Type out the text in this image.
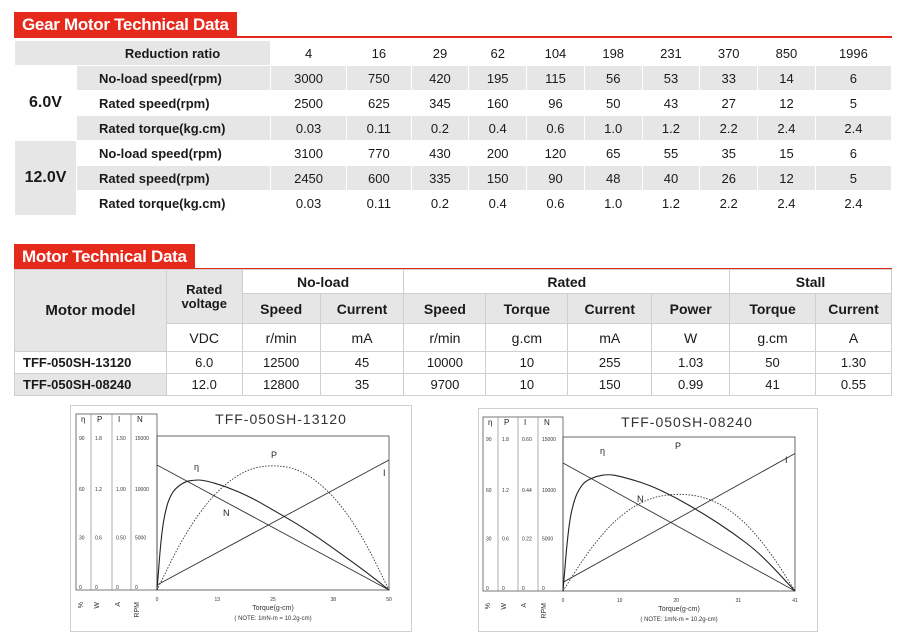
Gear Motor Technical Data
Reduction ratio		4	16	29	62	104	198	231	370	850	1996
6.0V	No-load speed(rpm)	3000	750	420	195	115	56	53	33	14	6
	Rated speed(rpm)	2500	625	345	160	96	50	43	27	12	5
	Rated torque(kg.cm)	0.03	0.11	0.2	0.4	0.6	1.0	1.2	2.2	2.4	2.4
12.0V	No-load speed(rpm)	3100	770	430	200	120	65	55	35	15	6
	Rated speed(rpm)	2450	600	335	150	90	48	40	26	12	5
	Rated torque(kg.cm)	0.03	0.11	0.2	0.4	0.6	1.0	1.2	2.2	2.4	2.4
Motor Technical Data
Motor model	Rated voltage	No-load		Rated				Stall	
		Speed	Current	Speed	Torque	Current	Power	Torque	Current
	VDC	r/min	mA	r/min	g.cm	mA	W	g.cm	A
TFF-050SH-13120	6.0	12500	45	10000	10	255	1.03	50	1.30
TFF-050SH-08240	12.0	12800	35	9700	10	150	0.99	41	0.55
η P I N	TFF-050SH-13120
90 1.8	1.50 15000
60 1.2	1.00 10000
30 0.6	0.50 5000
0	0	0	0
% W A RPM
0	13	25	38	50
Torque(g-cm)
( NOTE: 1mN-m = 10.2g-cm)
N
I
P
η
η P I N	TFF-050SH-08240
90 1.8	0.60 15000
60 1.2	0.44 10000
30 0.6	0.22 5000
0	0	0	0
% W A RPM
0	10	20	31	41
Torque(g-cm)
( NOTE: 1mN-m = 10.2g-cm)
N
I
P
η
